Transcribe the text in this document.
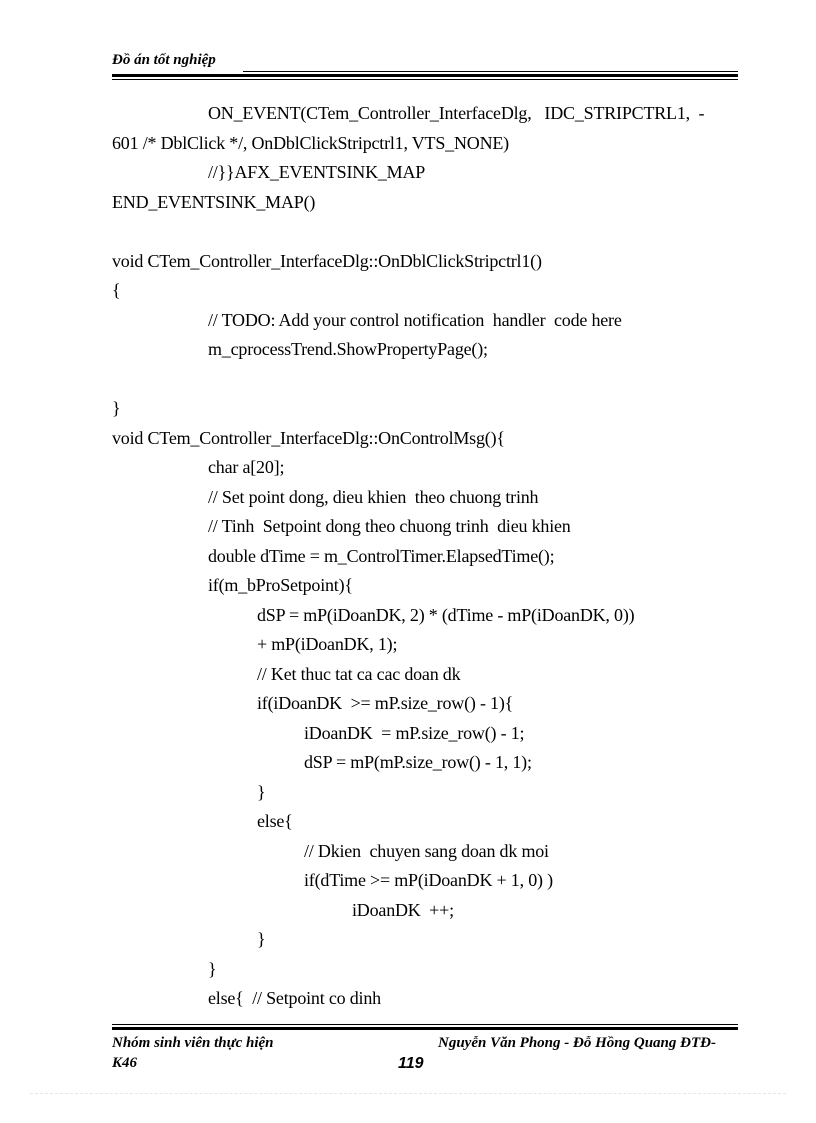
Đồ án tốt nghiệp
ON_EVENT(CTem_Controller_InterfaceDlg,   IDC_STRIPCTRL1,  -
601 /* DblClick */, OnDblClickStripctrl1, VTS_NONE)
//}}AFX_EVENTSINK_MAP
END_EVENTSINK_MAP()
void CTem_Controller_InterfaceDlg::OnDblClickStripctrl1()
{
// TODO: Add your control notification  handler  code here
m_cprocessTrend.ShowPropertyPage();
}
void CTem_Controller_InterfaceDlg::OnControlMsg(){
char a[20];
// Set point dong, dieu khien  theo chuong trinh
// Tinh  Setpoint dong theo chuong trinh  dieu khien
double dTime = m_ControlTimer.ElapsedTime();
if(m_bProSetpoint){
dSP = mP(iDoanDK, 2) * (dTime - mP(iDoanDK, 0))
+ mP(iDoanDK, 1);
// Ket thuc tat ca cac doan dk
if(iDoanDK  >= mP.size_row() - 1){
iDoanDK  = mP.size_row() - 1;
dSP = mP(mP.size_row() - 1, 1);
}
else{
// Dkien  chuyen sang doan dk moi
if(dTime >= mP(iDoanDK + 1, 0) )
iDoanDK  ++;
}
}
else{  // Setpoint co dinh
Nhóm sinh viên thực hiện	Nguyễn Văn Phong - Đỗ Hồng Quang ĐTĐ-
K46	119
